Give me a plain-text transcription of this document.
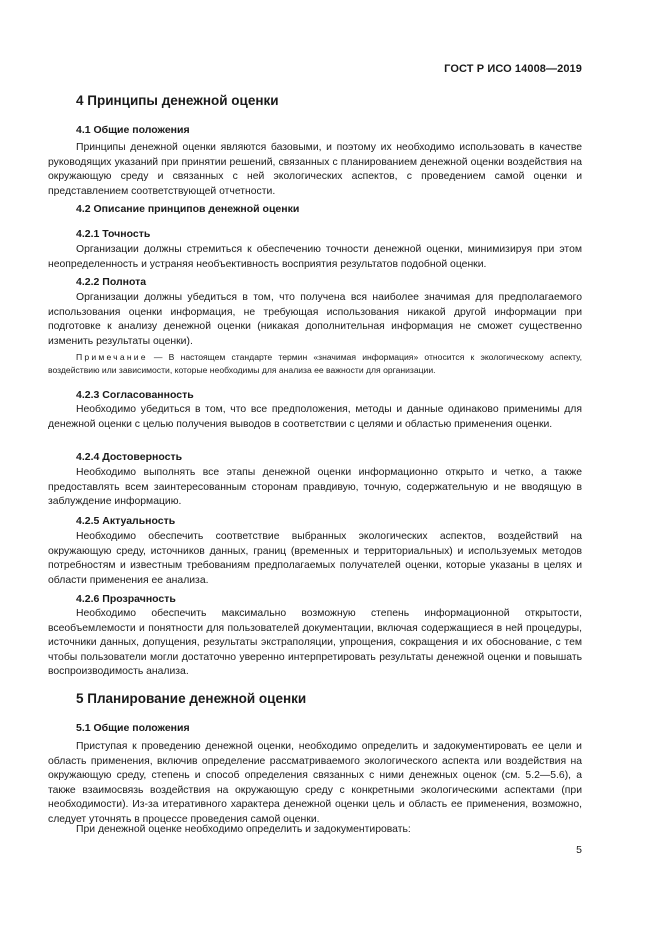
ГОСТ Р ИСО 14008—2019
4 Принципы денежной оценки
4.1 Общие положения
Принципы денежной оценки являются базовыми, и поэтому их необходимо использовать в качестве руководящих указаний при принятии решений, связанных с планированием денежной оценки воздействия на окружающую среду и связанных с ней экологических аспектов, с проведением самой оценки и представлением соответствующей отчетности.
4.2 Описание принципов денежной оценки
4.2.1 Точность
Организации должны стремиться к обеспечению точности денежной оценки, минимизируя при этом неопределенность и устраняя необъективность восприятия результатов подобной оценки.
4.2.2 Полнота
Организации должны убедиться в том, что получена вся наиболее значимая для предполагаемого использования оценки информация, не требующая использования никакой другой информации при подготовке к анализу денежной оценки (никакая дополнительная информация не сможет существенно изменить результаты оценки).
Примечание — В настоящем стандарте термин «значимая информация» относится к экологическому аспекту, воздействию или зависимости, которые необходимы для анализа ее важности для организации.
4.2.3 Согласованность
Необходимо убедиться в том, что все предположения, методы и данные одинаково применимы для денежной оценки с целью получения выводов в соответствии с целями и областью применения оценки.
4.2.4 Достоверность
Необходимо выполнять все этапы денежной оценки информационно открыто и четко, а также предоставлять всем заинтересованным сторонам правдивую, точную, содержательную и не вводящую в заблуждение информацию.
4.2.5 Актуальность
Необходимо обеспечить соответствие выбранных экологических аспектов, воздействий на окружающую среду, источников данных, границ (временных и территориальных) и используемых методов потребностям и известным требованиям предполагаемых получателей оценки, которые указаны в целях и области применения ее анализа.
4.2.6 Прозрачность
Необходимо обеспечить максимально возможную степень информационной открытости, всеобъемлемости и понятности для пользователей документации, включая содержащиеся в ней процедуры, источники данных, допущения, результаты экстраполяции, упрощения, сокращения и их обоснование, с тем чтобы пользователи могли достаточно уверенно интерпретировать результаты денежной оценки и повышать воспроизводимость анализа.
5 Планирование денежной оценки
5.1 Общие положения
Приступая к проведению денежной оценки, необходимо определить и задокументировать ее цели и область применения, включив определение рассматриваемого экологического аспекта или воздействия на окружающую среду, степень и способ определения связанных с ними денежных оценок (см. 5.2—5.6), а также взаимосвязь воздействия на окружающую среду с конкретными экологическими аспектами (при необходимости). Из-за итеративного характера денежной оценки цель и область ее применения, возможно, следует уточнять в процессе проведения самой оценки.
При денежной оценке необходимо определить и задокументировать:
5
